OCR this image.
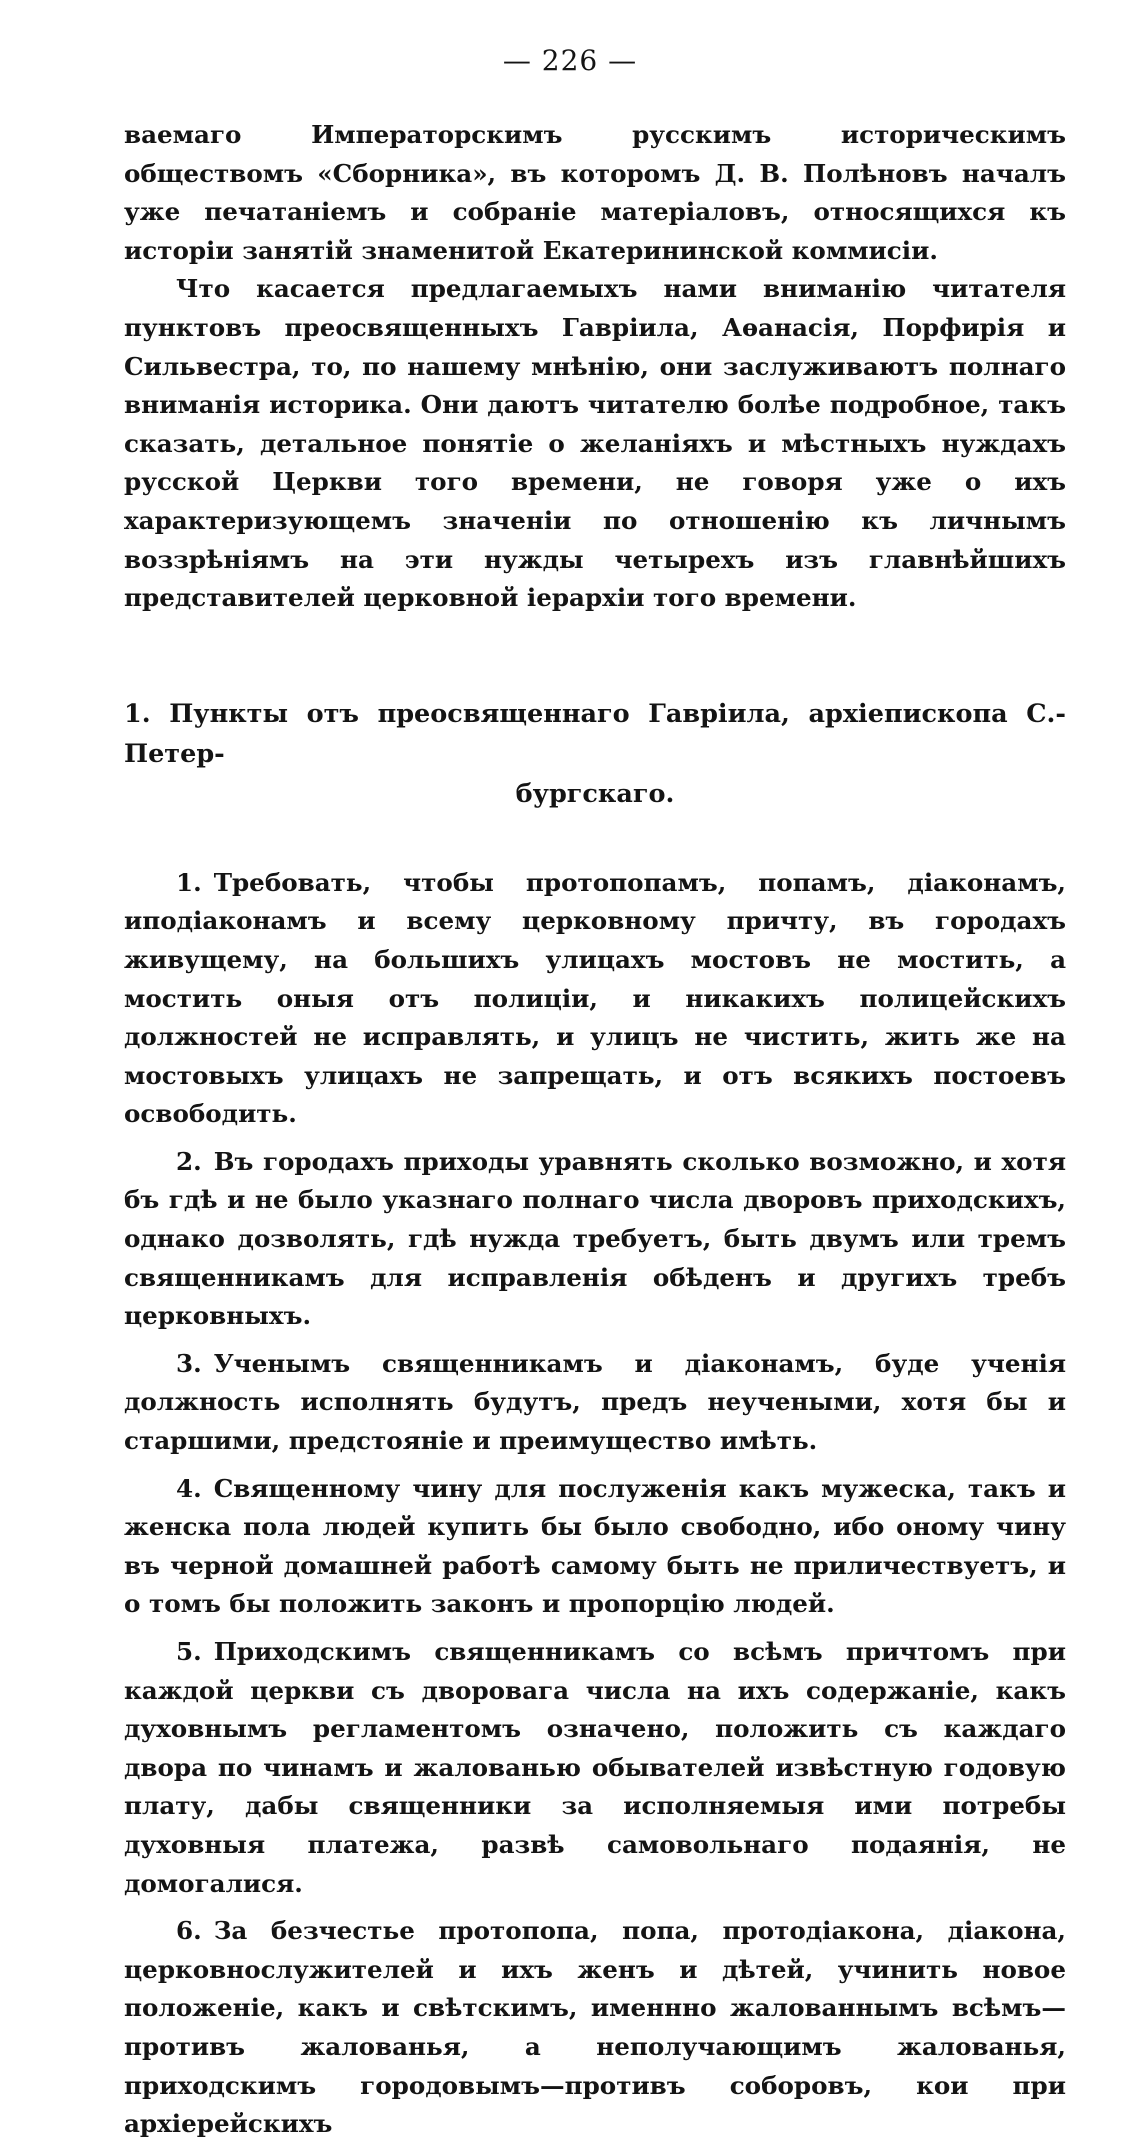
— 226 —

ваемаго Императорскимъ русскимъ историческимъ обществомъ «Сборника», въ которомъ Д. В. Полѣновъ началъ уже печатаніемъ и собраніе матеріаловъ, относящихся къ исторіи занятій знаменитой Екатерининской коммисіи.

Что касается предлагаемыхъ нами вниманію читателя пунктовъ преосвященныхъ Гавріила, Аѳанасія, Порфирія и Сильвестра, то, по нашему мнѣнію, они заслуживаютъ полнаго вниманія историка. Они даютъ читателю болѣе подробное, такъ сказать, детальное понятіе о желаніяхъ и мѣстныхъ нуждахъ русской Церкви того времени, не говоря уже о ихъ характеризующемъ значеніи по отношенію къ личнымъ воззрѣніямъ на эти нужды четырехъ изъ главнѣйшихъ представителей церковной іерархіи того времени.

1. Пункты отъ преосвященнаго Гавріила, архіепископа С.-Петер-
бургскаго.

1. Требовать, чтобы протопопамъ, попамъ, діаконамъ, иподіаконамъ и всему церковному причту, въ городахъ живущему, на большихъ улицахъ мостовъ не мостить, а мостить оныя отъ полиціи, и никакихъ полицейскихъ должностей не исправлять, и улицъ не чистить, жить же на мостовыхъ улицахъ не запрещать, и отъ всякихъ постоевъ освободить.

2. Въ городахъ приходы уравнять сколько возможно, и хотя бъ гдѣ и не было указнаго полнаго числа дворовъ приходскихъ, однако дозволять, гдѣ нужда требуетъ, быть двумъ или тремъ священникамъ для исправленія обѣденъ и другихъ требъ церковныхъ.

3. Ученымъ священникамъ и діаконамъ, буде ученія должность исполнять будутъ, предъ неучеными, хотя бы и старшими, предстояніе и преимущество имѣть.

4. Священному чину для послуженія какъ мужеска, такъ и женска пола людей купить бы было свободно, ибо оному чину въ черной домашней работѣ самому быть не приличествуетъ, и о томъ бы положить законъ и пропорцію людей.

5. Приходскимъ священникамъ со всѣмъ причтомъ при каждой церкви съ дворовага числа на ихъ содержаніе, какъ духовнымъ регламентомъ означено, положить съ каждаго двора по чинамъ и жалованью обывателей извѣстную годовую плату, дабы священники за исполняемыя ими потребы духовныя платежа, развѣ самовольнаго подаянія, не домогалися.

6. За безчестье протопопа, попа, протодіакона, діакона, церковнослужителей и ихъ женъ и дѣтей, учинить новое положеніе, какъ и свѣтскимъ, именнно жалованнымъ всѣмъ—противъ жалованья, а неполучающимъ жалованья, приходскимъ городовымъ—противъ соборовъ, кои при архіерейскихъ
